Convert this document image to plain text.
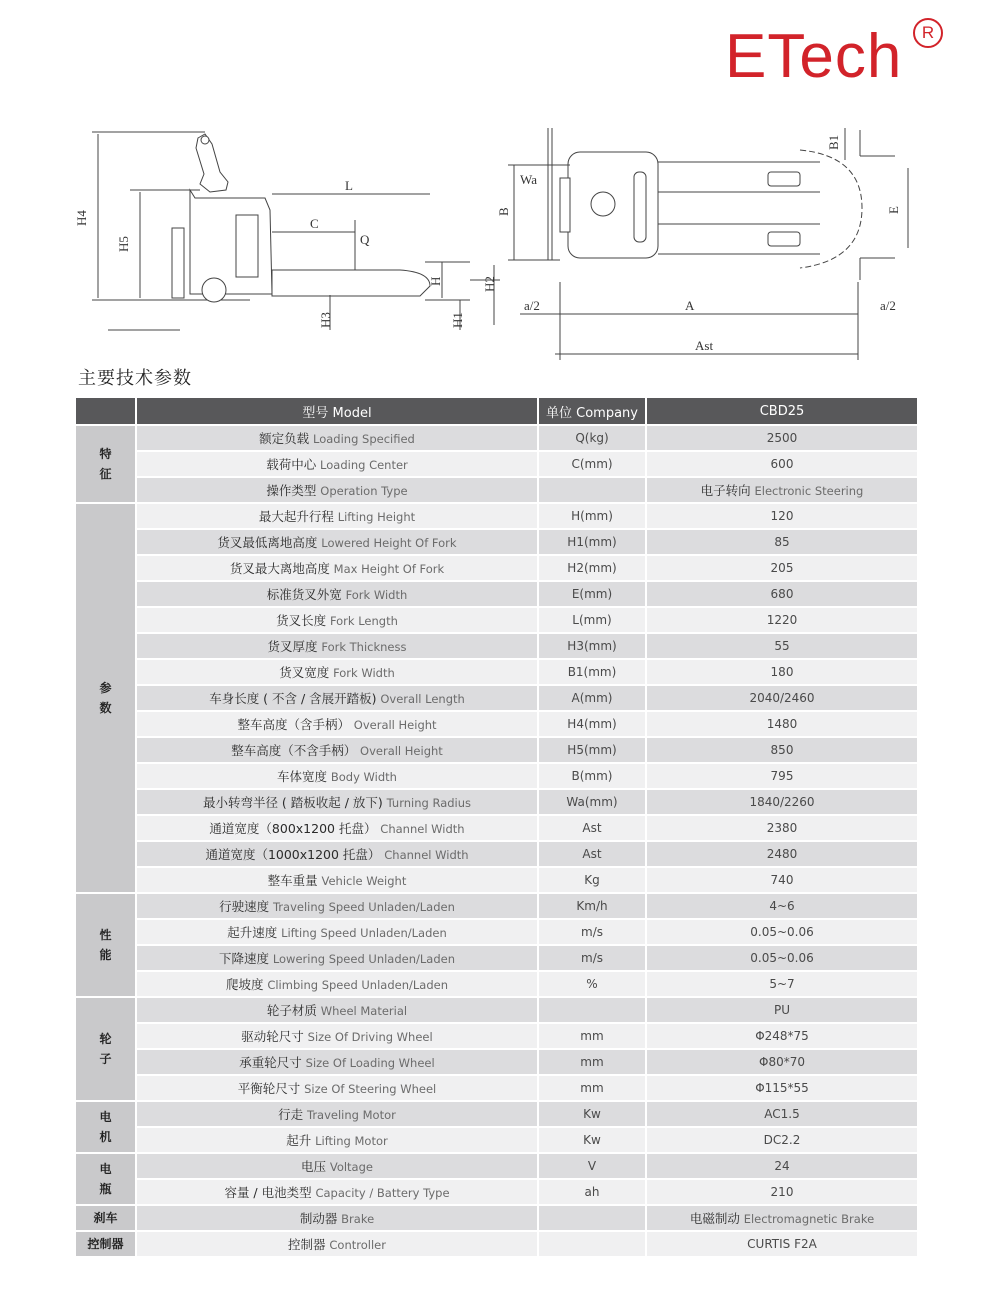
ETech	R
H4
H5
L
C
Q
H	H2
H1
H3
Wa
B
B1
E
A
a/2	a/2
Ast
主要技术参数
	型号 Model	单位 Company	CBD25

特
征	额定负载 Loading Specified	Q(kg)	2500
	载荷中心 Loading Center	C(mm)	600
	操作类型 Operation Type		电子转向 Electronic Steering

参
数	最大起升行程 Lifting Height	H(mm)	120
	货叉最低离地高度 Lowered Height Of Fork	H1(mm)	85
	货叉最大离地高度 Max Height Of Fork	H2(mm)	205
	标准货叉外宽 Fork Width	E(mm)	680
	货叉长度 Fork Length	L(mm)	1220
	货叉厚度 Fork Thickness	H3(mm)	55
	货叉宽度 Fork Width	B1(mm)	180
	车身长度 ( 不含 / 含展开踏板) Overall Length	A(mm)	2040/2460
	整车高度（含手柄） Overall Height	H4(mm)	1480
	整车高度（不含手柄） Overall Height	H5(mm)	850
	车体宽度 Body Width	B(mm)	795
	最小转弯半径 ( 踏板收起 / 放下) Turning Radius	Wa(mm)	1840/2260
	通道宽度（800x1200 托盘） Channel Width	Ast	2380
	通道宽度（1000x1200 托盘） Channel Width	Ast	2480
	整车重量 Vehicle Weight	Kg	740

性
能	行驶速度 Traveling Speed Unladen/Laden	Km/h	4~6
	起升速度 Lifting Speed Unladen/Laden	m/s	0.05~0.06
	下降速度 Lowering Speed Unladen/Laden	m/s	0.05~0.06
	爬坡度 Climbing Speed Unladen/Laden	%	5~7

轮
子	轮子材质 Wheel Material		PU
	驱动轮尺寸 Size Of Driving Wheel	mm	Φ248*75
	承重轮尺寸 Size Of Loading Wheel	mm	Φ80*70
	平衡轮尺寸 Size Of Steering Wheel	mm	Φ115*55

电
机	行走 Traveling Motor	Kw	AC1.5
	起升 Lifting Motor	Kw	DC2.2

电
瓶	电压 Voltage	V	24
	容量 / 电池类型 Capacity / Battery Type	ah	210

刹车	制动器 Brake		电磁制动 Electromagnetic Brake

控制器	控制器 Controller		CURTIS F2A
